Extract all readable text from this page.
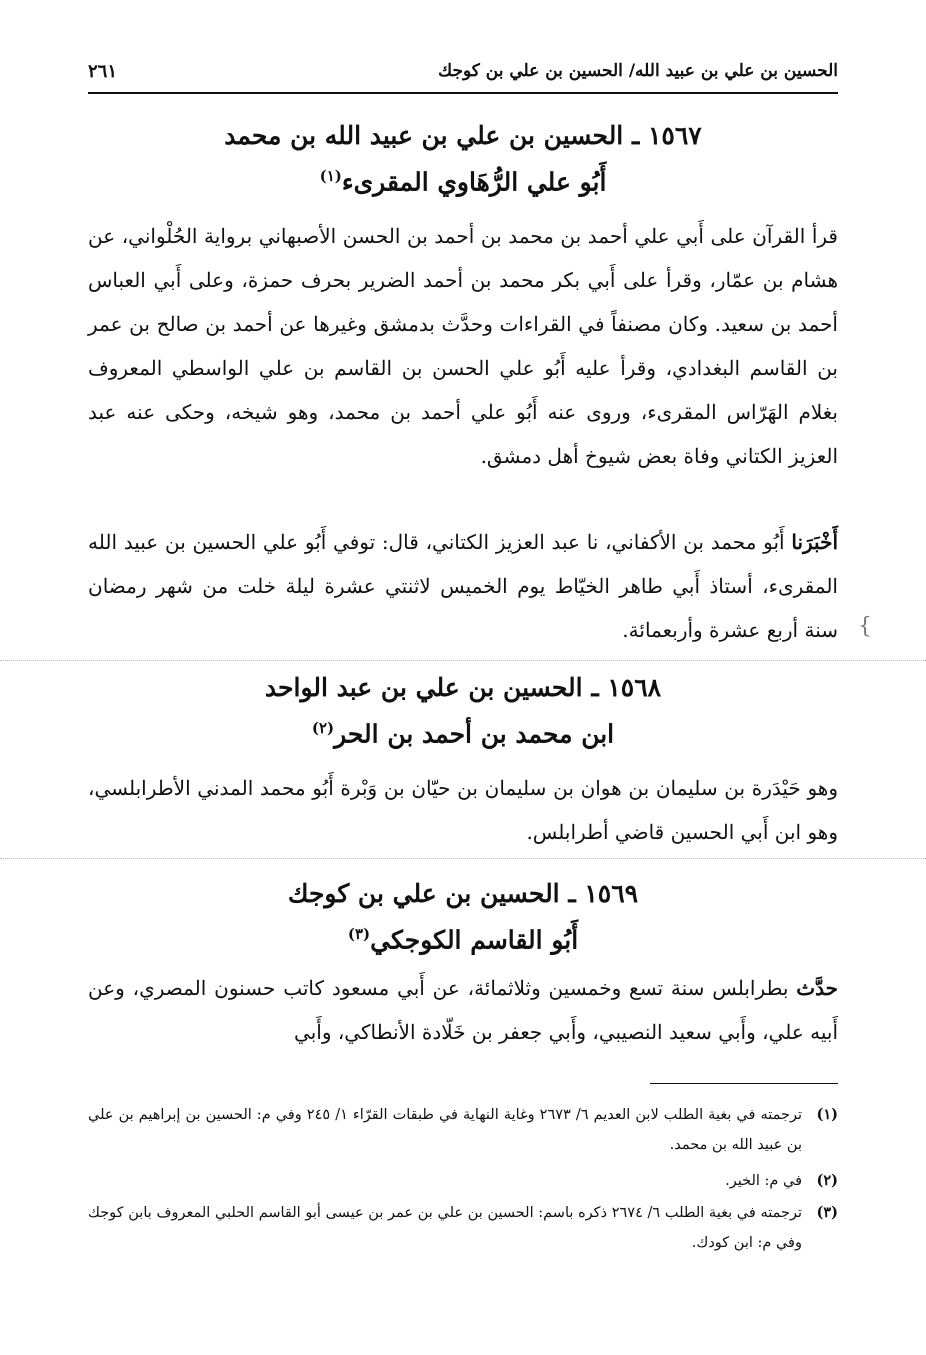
٢٦١	الحسين بن علي بن عبيد الله/ الحسين بن علي بن كوجك
١٥٦٧ ـ الحسين بن علي بن عبيد الله بن محمد
أَبُو علي الرُّهَاوي المقرىء$^{(١)}$

قرأ القرآن على أَبي علي أحمد بن محمد بن أحمد بن الحسن الأصبهاني برواية الحُلْواني، عن هشام بن عمّار، وقرأ على أَبي بكر محمد بن أحمد الضرير بحرف حمزة، وعلى أَبي العباس أحمد بن سعيد. وكان مصنفاً في القراءات وحدَّث بدمشق وغيرها عن أحمد بن صالح بن عمر بن القاسم البغدادي، وقرأ عليه أَبُو علي الحسن بن القاسم بن علي الواسطي المعروف بغلام الهَرّاس المقرىء، وروى عنه أَبُو علي أحمد بن محمد، وهو شيخه، وحكى عنه عبد العزيز الكتاني وفاة بعض شيوخ أهل دمشق.

أَخْبَرَنا أَبُو محمد بن الأكفاني، نا عبد العزيز الكتاني، قال: توفي أَبُو علي الحسين بن عبيد الله المقرىء، أستاذ أَبي طاهر الخيّاط يوم الخميس لاثنتي عشرة ليلة خلت من شهر رمضان سنة أربع عشرة وأربعمائة. {
١٥٦٨ ـ الحسين بن علي بن عبد الواحد
ابن محمد بن أحمد بن الحر$^{(٢)}$

وهو حَيْدَرة بن سليمان بن هوان بن سليمان بن حيّان بن وَبْرة أَبُو محمد المدني الأطرابلسي، وهو ابن أَبي الحسين قاضي أطرابلس.

١٥٦٩ ـ الحسين بن علي بن كوجك
أَبُو القاسم الكوجكي$^{(٣)}$

حدَّث بطرابلس سنة تسع وخمسين وثلاثمائة، عن أَبي مسعود كاتب حسنون المصري، وعن أَبيه علي، وأَبي سعيد النصيبي، وأَبي جعفر بن خَلّادة الأنطاكي، وأَبي

(١)
ترجمته في بغية الطلب لابن العديم ٦/ ٢٦٧٣ وغاية النهاية في طبقات القرّاء ١/ ٢٤٥ وفي م: الحسين بن إبراهيم بن علي بن عبيد الله بن محمد.
(٢)
في م: الخير.
(٣)
ترجمته في بغية الطلب ٦/ ٢٦٧٤ ذكره باسم: الحسين بن علي بن عمر بن عيسى أبو القاسم الحلبي المعروف بابن كوجك وفي م: ابن كودك.
